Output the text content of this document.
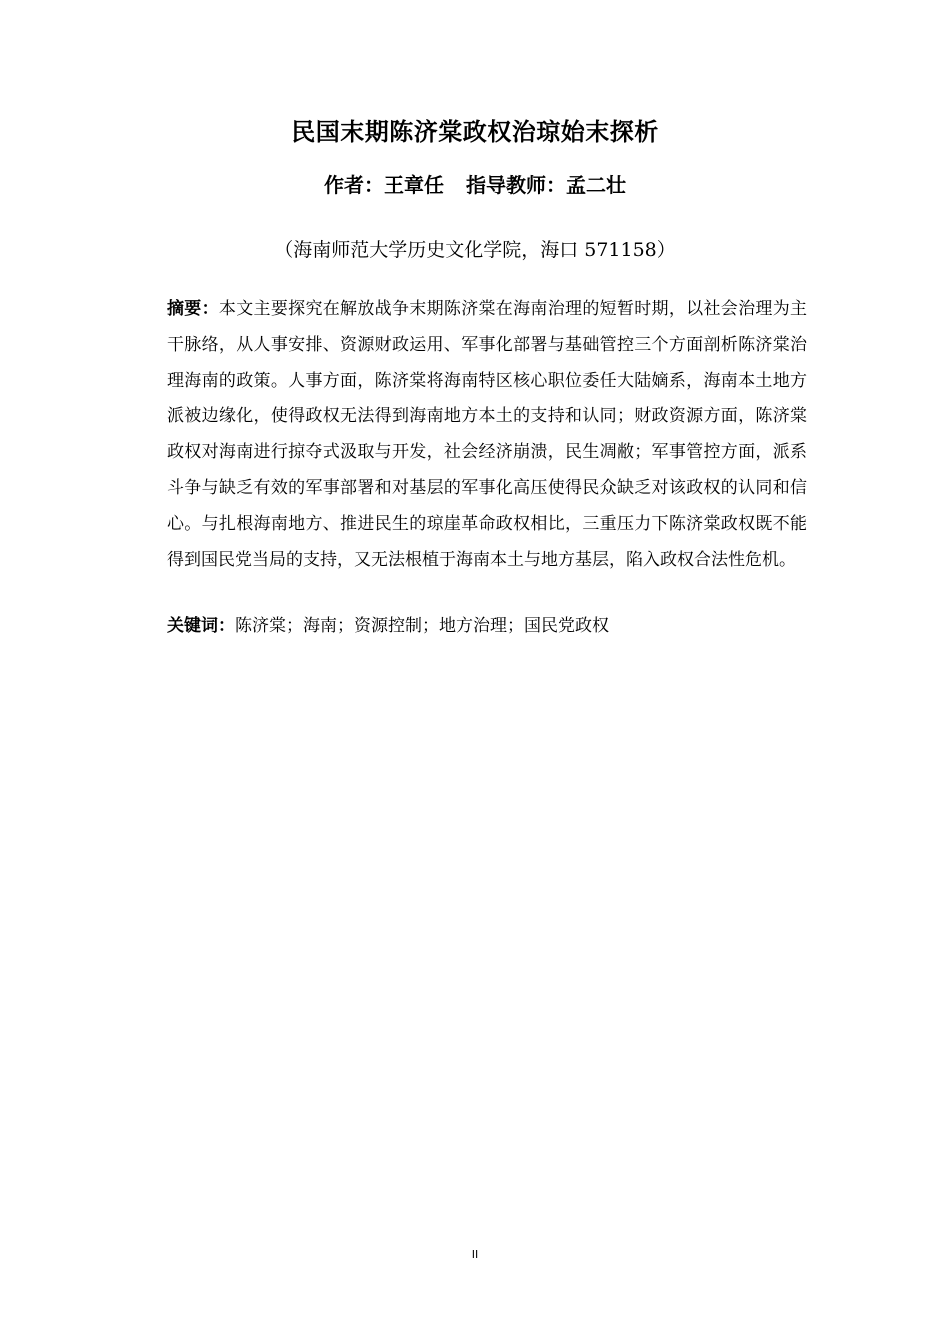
民国末期陈济棠政权治琼始末探析
作者：王章任 指导教师：孟二壮
（海南师范大学历史文化学院，海口 571158）
摘要：本文主要探究在解放战争末期陈济棠在海南治理的短暂时期，以社会治理为主干脉络，从人事安排、资源财政运用、军事化部署与基础管控三个方面剖析陈济棠治理海南的政策。人事方面，陈济棠将海南特区核心职位委任大陆嫡系，海南本土地方派被边缘化，使得政权无法得到海南地方本土的支持和认同；财政资源方面，陈济棠政权对海南进行掠夺式汲取与开发，社会经济崩溃，民生凋敝；军事管控方面，派系斗争与缺乏有效的军事部署和对基层的军事化高压使得民众缺乏对该政权的认同和信心。与扎根海南地方、推进民生的琼崖革命政权相比，三重压力下陈济棠政权既不能得到国民党当局的支持，又无法根植于海南本土与地方基层，陷入政权合法性危机。
关键词：陈济棠；海南；资源控制；地方治理；国民党政权
II
